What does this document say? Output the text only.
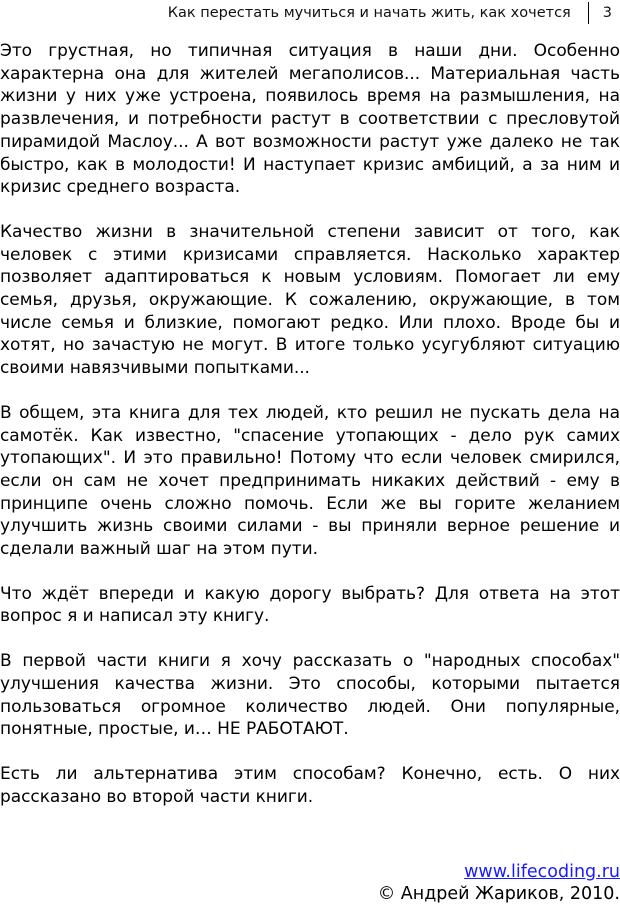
Как перестать мучиться и начать жить, как хочется 3

Это грустная, но типичная ситуация в наши дни. Особенно характерна она для жителей мегаполисов... Материальная часть жизни у них уже устроена, появилось время на размышления, на развлечения, и потребности растут в соответствии с пресловутой пирамидой Маслоу... А вот возможности растут уже далеко не так быстро, как в молодости! И наступает кризис амбиций, а за ним и кризис среднего возраста.

Качество жизни в значительной степени зависит от того, как человек с этими кризисами справляется. Насколько характер позволяет адаптироваться к новым условиям. Помогает ли ему семья, друзья, окружающие. К сожалению, окружающие, в том числе семья и близкие, помогают редко. Или плохо. Вроде бы и хотят, но зачастую не могут. В итоге только усугубляют ситуацию своими навязчивыми попытками...

В общем, эта книга для тех людей, кто решил не пускать дела на самотёк. Как известно, "спасение утопающих - дело рук самих утопающих". И это правильно! Потому что если человек смирился, если он сам не хочет предпринимать никаких действий - ему в принципе очень сложно помочь. Если же вы горите желанием улучшить жизнь своими силами - вы приняли верное решение и сделали важный шаг на этом пути.

Что ждёт впереди и какую дорогу выбрать? Для ответа на этот вопрос я и написал эту книгу.

В первой части книги я хочу рассказать о "народных способах" улучшения качества жизни. Это способы, которыми пытается пользоваться огромное количество людей. Они популярные, понятные, простые, и… НЕ РАБОТАЮТ.

Есть ли альтернатива этим способам? Конечно, есть. О них рассказано во второй части книги.

www.lifecoding.ru
© Андрей Жариков, 2010.
